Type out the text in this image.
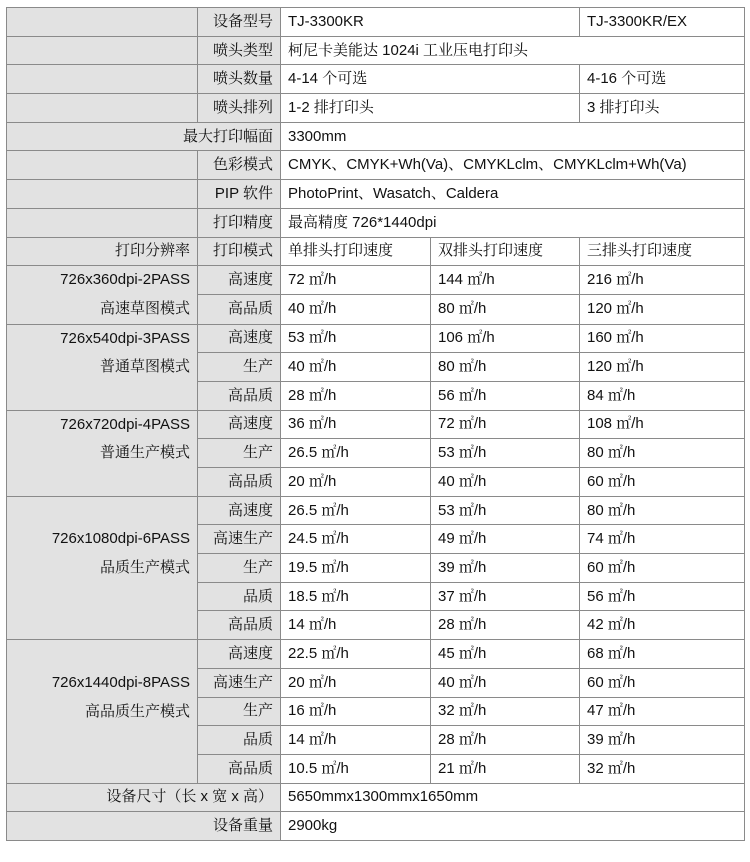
	设备型号	TJ-3300KR		TJ-3300KR/EX
	喷头类型	柯尼卡美能达 1024i 工业压电打印头		
	喷头数量	4-14 个可选		4-16 个可选
	喷头排列	1-2 排打印头		3 排打印头
最大打印幅面		3300mm		
	色彩模式	CMYK、CMYK+Wh(Va)、CMYKLclm、CMYKLclm+Wh(Va)		
	PIP 软件	PhotoPrint、Wasatch、Caldera		
	打印精度	最高精度 726*1440dpi		
打印分辨率	打印模式	单排头打印速度	双排头打印速度	三排头打印速度

726x360dpi-2PASS
高速草图模式	高速度	72 ㎡/h	144 ㎡/h	216 ㎡/h
	高品质	40 ㎡/h	80 ㎡/h	120 ㎡/h

726x540dpi-3PASS
普通草图模式	高速度	53 ㎡/h	106 ㎡/h	160 ㎡/h
	生产	40 ㎡/h	80 ㎡/h	120 ㎡/h
	高品质	28 ㎡/h	56 ㎡/h	84 ㎡/h

726x720dpi-4PASS
普通生产模式	高速度	36 ㎡/h	72 ㎡/h	108 ㎡/h
	生产	26.5 ㎡/h	53 ㎡/h	80 ㎡/h
	高品质	20 ㎡/h	40 ㎡/h	60 ㎡/h

726x1080dpi-6PASS
品质生产模式	高速度	26.5 ㎡/h	53 ㎡/h	80 ㎡/h
	高速生产	24.5 ㎡/h	49 ㎡/h	74 ㎡/h
	生产	19.5 ㎡/h	39 ㎡/h	60 ㎡/h
	品质	18.5 ㎡/h	37 ㎡/h	56 ㎡/h
	高品质	14 ㎡/h	28 ㎡/h	42 ㎡/h

726x1440dpi-8PASS
高品质生产模式	高速度	22.5 ㎡/h	45 ㎡/h	68 ㎡/h
	高速生产	20 ㎡/h	40 ㎡/h	60 ㎡/h
	生产	16 ㎡/h	32 ㎡/h	47 ㎡/h
	品质	14 ㎡/h	28 ㎡/h	39 ㎡/h
	高品质	10.5 ㎡/h	21 ㎡/h	32 ㎡/h
设备尺寸（长 x 宽 x 高）		5650mmx1300mmx1650mm		
设备重量		2900kg		
